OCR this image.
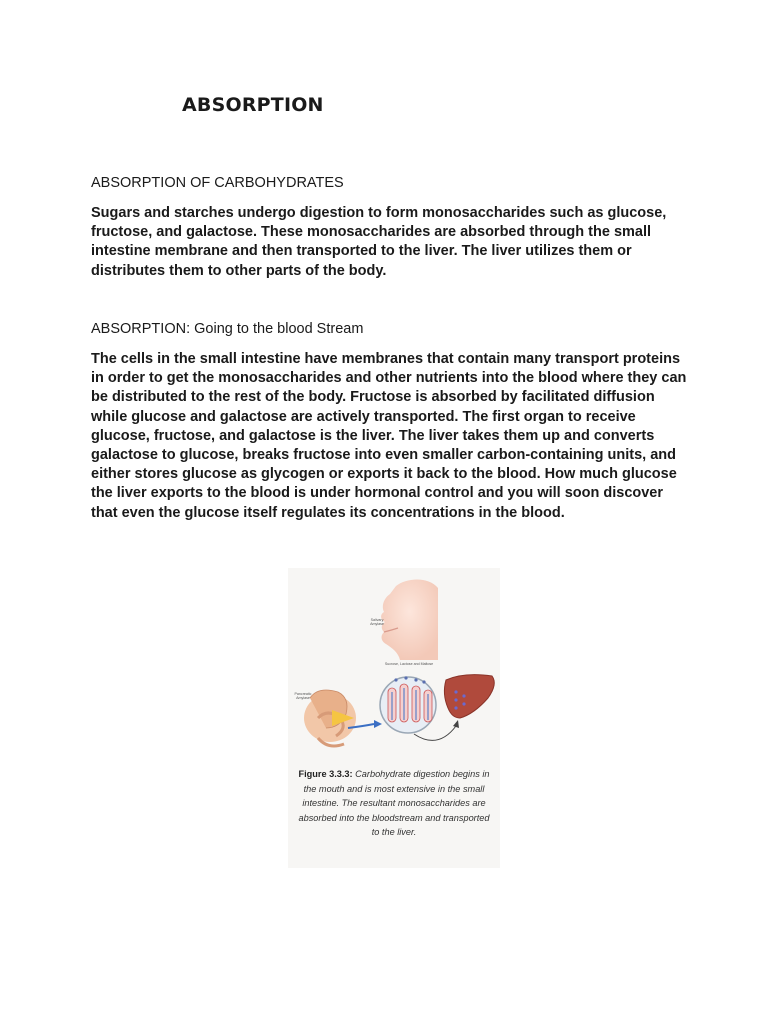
ABSORPTION
ABSORPTION OF CARBOHYDRATES

Sugars and starches undergo digestion to form monosaccharides such as glucose, fructose, and galactose. These monosaccharides are absorbed through the small intestine membrane and then transported to the liver. The liver utilizes them or distributes them to other parts of the body.

ABSORPTION: Going to the blood Stream

The cells in the small intestine have membranes that contain many transport proteins in order to get the monosaccharides and other nutrients into the blood where they can be distributed to the rest of the body. Fructose is absorbed by facilitated diffusion while glucose and galactose are actively transported. The first organ to receive glucose, fructose, and galactose is the liver. The liver takes them up and converts galactose to glucose, breaks fructose into even smaller carbon-containing units, and either stores glucose as glycogen or exports it back to the blood. How much glucose the liver exports to the blood is under hormonal control and you will soon discover that even the glucose itself regulates its concentrations in the blood.

Salivary Amylase
Sucrose, Lactose and Maltose
Pancreatic Amylase
Figure 3.3.3: Carbohydrate digestion begins in the mouth and is most extensive in the small intestine. The resultant monosaccharides are absorbed into the bloodstream and transported to the liver.
